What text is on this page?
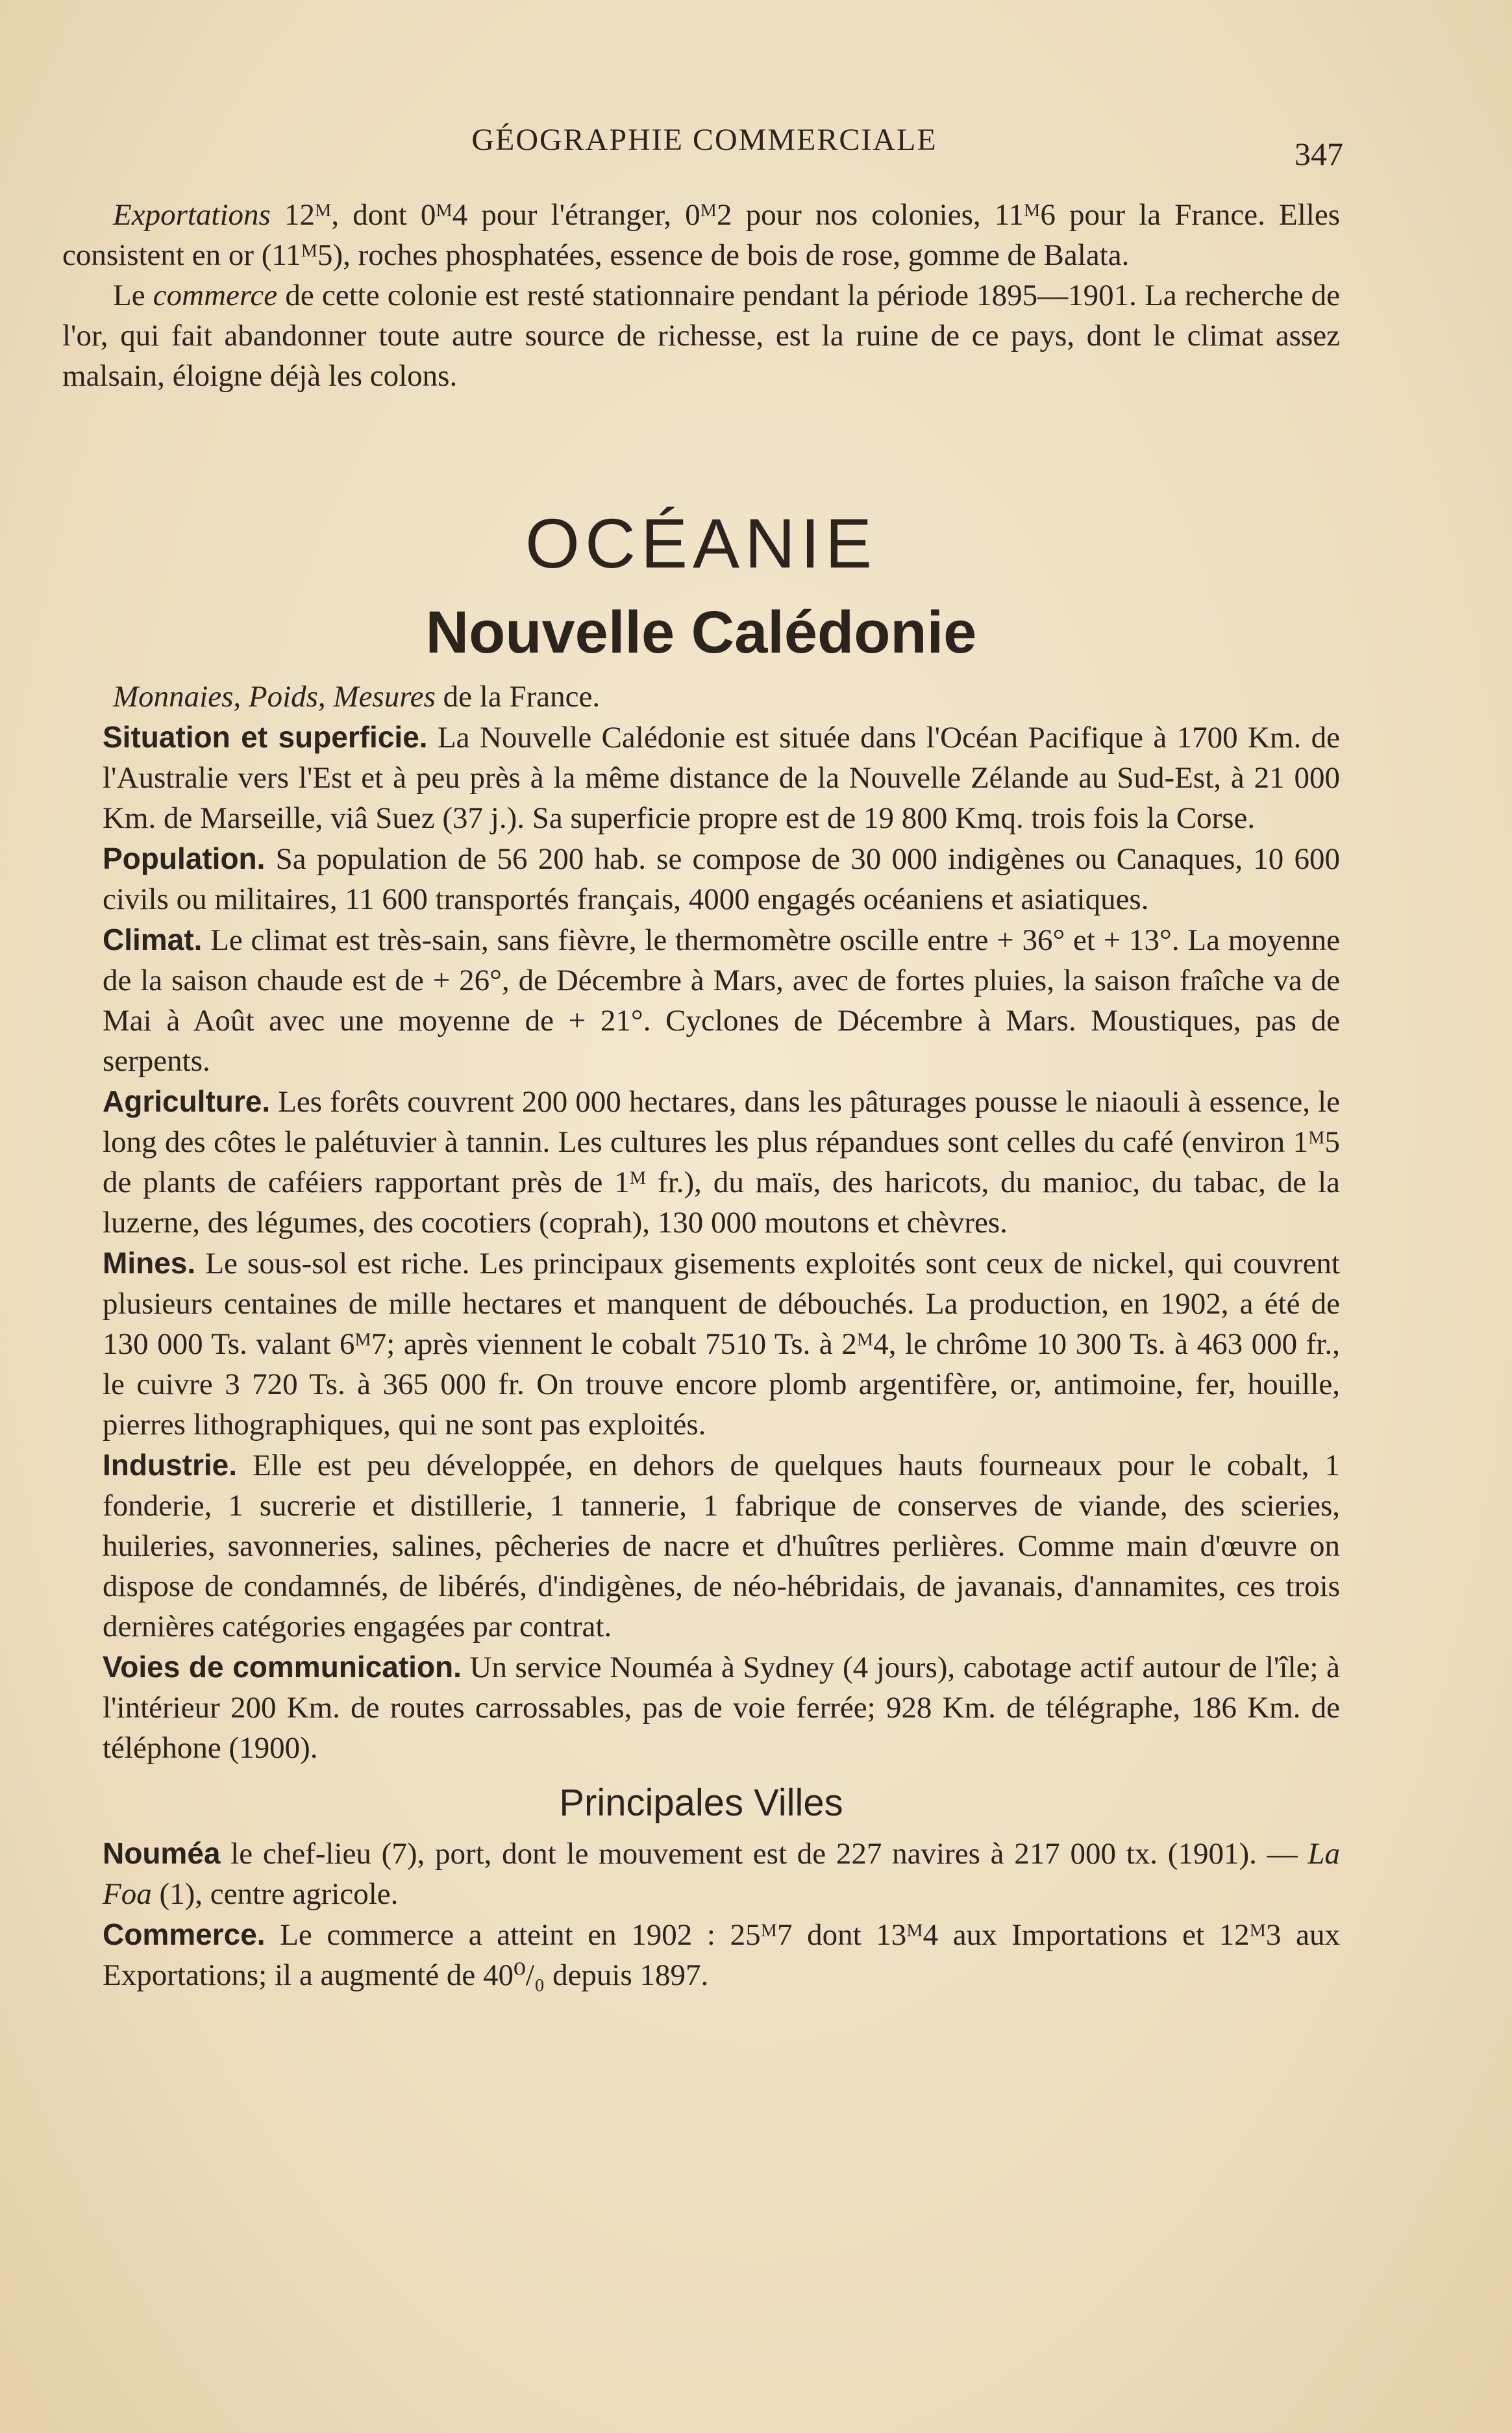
GÉOGRAPHIE COMMERCIALE	347

Exportations 12ᴹ, dont 0ᴹ4 pour l'étranger, 0ᴹ2 pour nos colonies, 11ᴹ6 pour la France. Elles consistent en or (11ᴹ5), roches phosphatées, essence de bois de rose, gomme de Balata.

Le commerce de cette colonie est resté stationnaire pendant la période 1895—1901. La recherche de l'or, qui fait abandonner toute autre source de richesse, est la ruine de ce pays, dont le climat assez malsain, éloigne déjà les colons.

OCÉANIE
Nouvelle Calédonie

Monnaies, Poids, Mesures de la France.

Situation et superficie. La Nouvelle Calédonie est située dans l'Océan Pacifique à 1700 Km. de l'Australie vers l'Est et à peu près à la même distance de la Nouvelle Zélande au Sud-Est, à 21 000 Km. de Marseille, viâ Suez (37 j.). Sa superficie propre est de 19 800 Kmq. trois fois la Corse.

Population. Sa population de 56 200 hab. se compose de 30 000 indigènes ou Canaques, 10 600 civils ou militaires, 11 600 transportés français, 4000 engagés océaniens et asiatiques.

Climat. Le climat est très-sain, sans fièvre, le thermomètre oscille entre + 36° et + 13°. La moyenne de la saison chaude est de + 26°, de Décembre à Mars, avec de fortes pluies, la saison fraîche va de Mai à Août avec une moyenne de + 21°. Cyclones de Décembre à Mars. Moustiques, pas de serpents.

Agriculture. Les forêts couvrent 200 000 hectares, dans les pâturages pousse le niaouli à essence, le long des côtes le palétuvier à tannin. Les cultures les plus répandues sont celles du café (environ 1ᴹ5 de plants de caféiers rapportant près de 1ᴹ fr.), du maïs, des haricots, du manioc, du tabac, de la luzerne, des légumes, des cocotiers (coprah), 130 000 moutons et chèvres.

Mines. Le sous-sol est riche. Les principaux gisements exploités sont ceux de nickel, qui couvrent plusieurs centaines de mille hectares et manquent de débouchés. La production, en 1902, a été de 130 000 Ts. valant 6ᴹ7; après viennent le cobalt 7510 Ts. à 2ᴹ4, le chrôme 10 300 Ts. à 463 000 fr., le cuivre 3 720 Ts. à 365 000 fr. On trouve encore plomb argentifère, or, antimoine, fer, houille, pierres lithographiques, qui ne sont pas exploités.

Industrie. Elle est peu développée, en dehors de quelques hauts fourneaux pour le cobalt, 1 fonderie, 1 sucrerie et distillerie, 1 tannerie, 1 fabrique de conserves de viande, des scieries, huileries, savonneries, salines, pêcheries de nacre et d'huîtres perlières. Comme main d'œuvre on dispose de condamnés, de libérés, d'indigènes, de néo-hébridais, de javanais, d'annamites, ces trois dernières catégories engagées par contrat.

Voies de communication. Un service Nouméa à Sydney (4 jours), cabotage actif autour de l'île; à l'intérieur 200 Km. de routes carrossables, pas de voie ferrée; 928 Km. de télégraphe, 186 Km. de téléphone (1900).

Principales Villes

Nouméa le chef-lieu (7), port, dont le mouvement est de 227 navires à 217 000 tx. (1901). — La Foa (1), centre agricole.

Commerce. Le commerce a atteint en 1902 : 25ᴹ7 dont 13ᴹ4 aux Importations et 12ᴹ3 aux Exportations; il a augmenté de 40⁰/₀ depuis 1897.
